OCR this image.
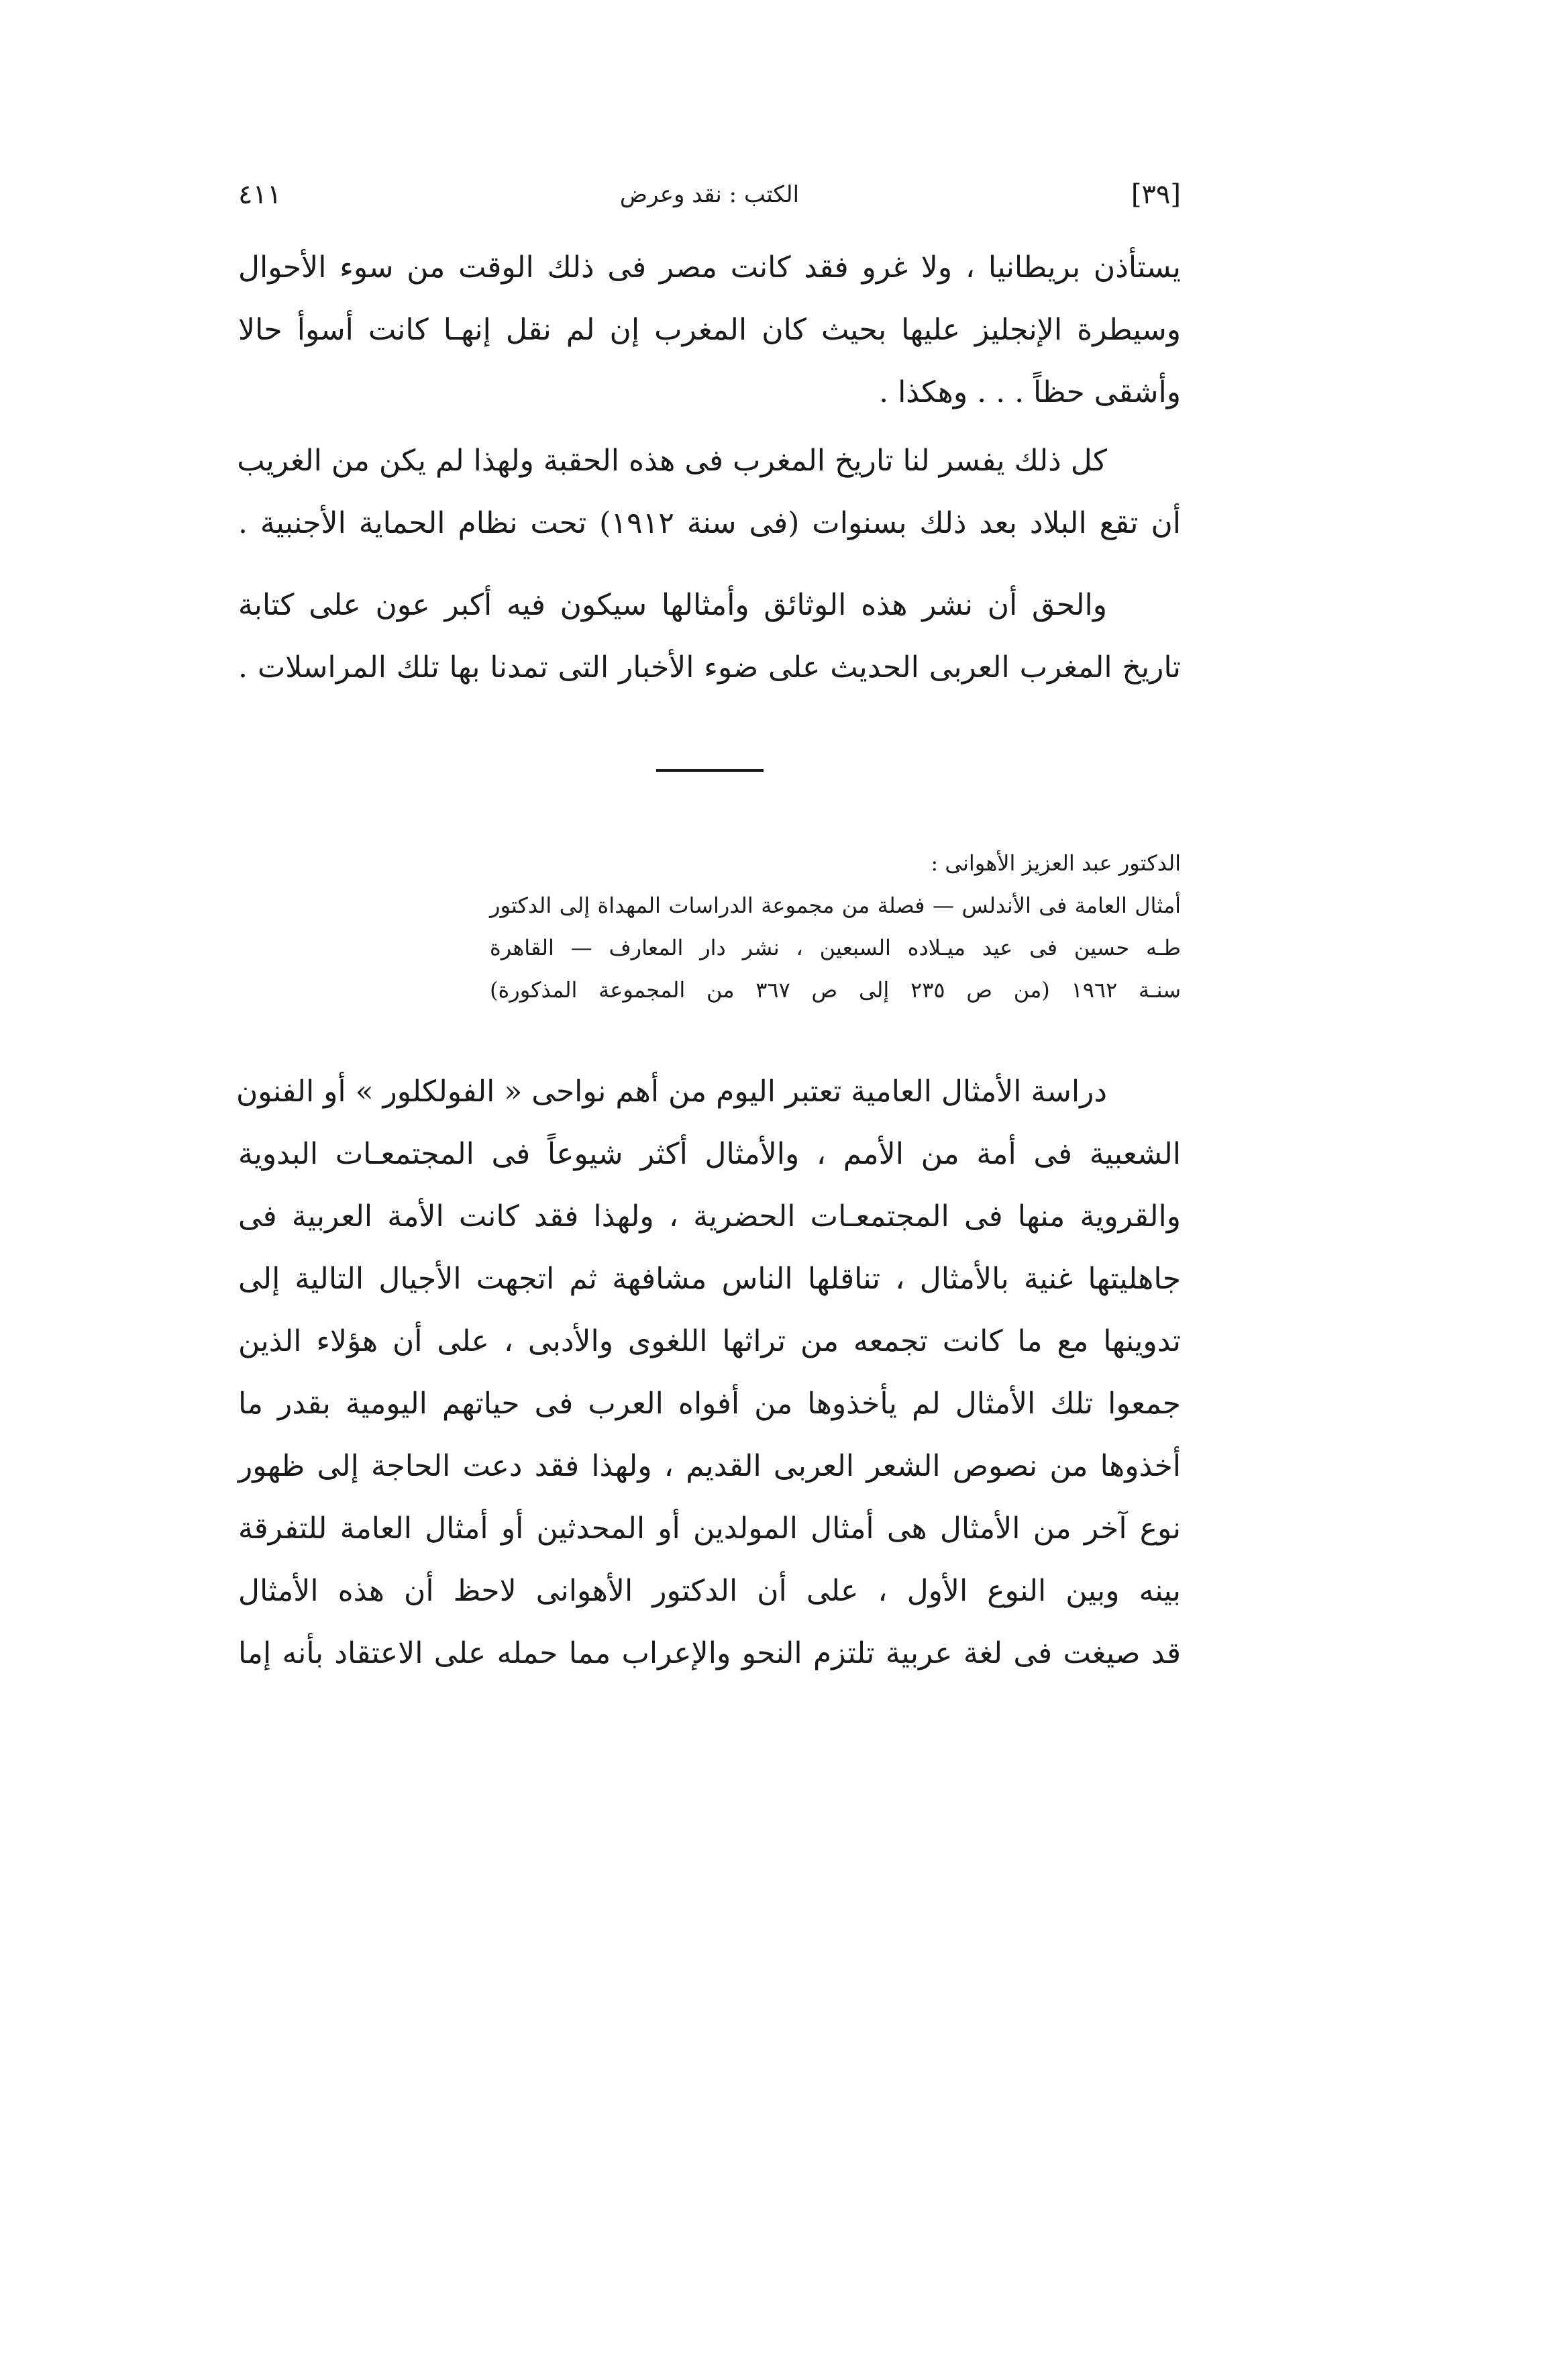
٤١١	الكتب : نقد وعرض	[٣٩]
يستأذن بريطانيا ، ولا غرو فقد كانت مصر فى ذلك الوقت من سوء الأحوال
وسيطرة الإنجليز عليها بحيث كان المغرب إن لم نقل إنهـا كانت أسوأ حالا
وأشقى حظاً . . . وهكذا .
كل ذلك يفسر لنا تاريخ المغرب فى هذه الحقبة ولهذا لم يكن من الغريب
أن تقع البلاد بعد ذلك بسنوات (فى سنة ١٩١٢) تحت نظام الحماية الأجنبية .
والحق أن نشر هذه الوثائق وأمثالها سيكون فيه أكبر عون على كتابة
تاريخ المغرب العربى الحديث على ضوء الأخبار التى تمدنا بها تلك المراسلات .
الدكتور عبد العزيز الأهوانى :
أمثال العامة فى الأندلس — فصلة من مجموعة الدراسات المهداة إلى الدكتور
طـه حسين فى عيد ميـلاده السبعين ، نشر دار المعارف — القاهرة
سنـة ١٩٦٢ (من ص ٢٣٥ إلى ص ٣٦٧ من المجموعة المذكورة)
دراسة الأمثال العامية تعتبر اليوم من أهم نواحى « الفولكلور » أو الفنون
الشعبية فى أمة من الأمم ، والأمثال أكثر شيوعاً فى المجتمعـات البدوية
والقروية منها فى المجتمعـات الحضرية ، ولهذا فقد كانت الأمة العربية فى
جاهليتها غنية بالأمثال ، تناقلها الناس مشافهة ثم اتجهت الأجيال التالية إلى
تدوينها مع ما كانت تجمعه من تراثها اللغوى والأدبى ، على أن هؤلاء الذين
جمعوا تلك الأمثال لم يأخذوها من أفواه العرب فى حياتهم اليومية بقدر ما
أخذوها من نصوص الشعر العربى القديم ، ولهذا فقد دعت الحاجة إلى ظهور
نوع آخر من الأمثال هى أمثال المولدين أو المحدثين أو أمثال العامة للتفرقة
بينه وبين النوع الأول ، على أن الدكتور الأهوانى لاحظ أن هذه الأمثال
قد صيغت فى لغة عربية تلتزم النحو والإعراب مما حمله على الاعتقاد بأنه إما
